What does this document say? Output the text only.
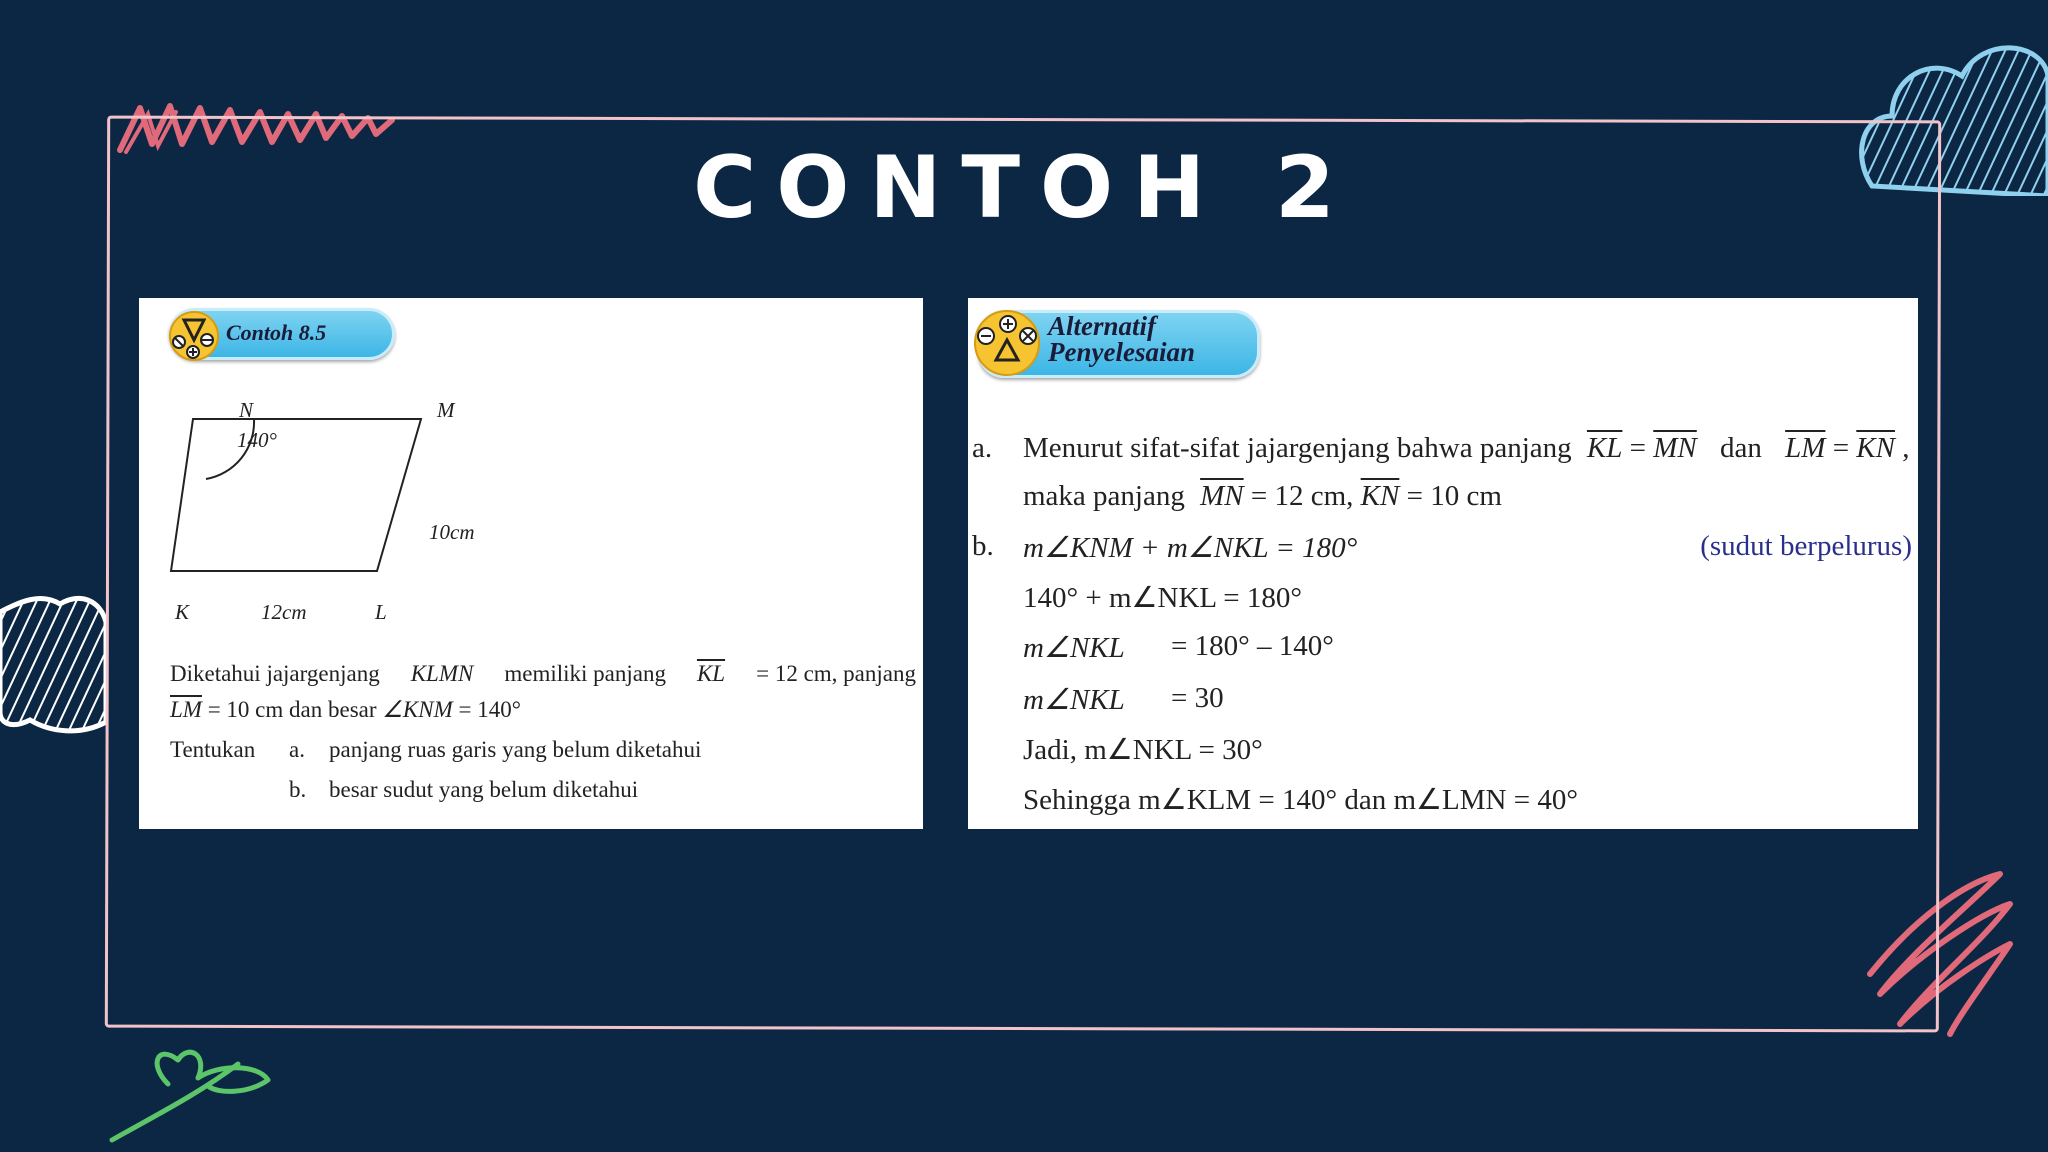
CONTOH 2
Contoh 8.5
N	M
K	L
140°
10cm
12cm
Diketahui jajargenjang KLMN memiliki panjang $\overline{KL} = 12$ cm, panjang
$\overline{LM} = 10$ cm dan besar ∠KNM = 140°
Tentukan a. panjang ruas garis yang belum diketahui
b. besar sudut yang belum diketahui
Alternatif
Penyelesaian
a. Menurut sifat-sifat jajargenjang bahwa panjang $\overline{KL} = \overline{MN}$ dan $\overline{LM} = \overline{KN}$ ,
maka panjang $\overline{MN} = 12$ cm, $\overline{KN} = 10$ cm
b. m∠KNM + m∠NKL = 180°	(sudut berpelurus)
140° + m∠NKL = 180°
m∠NKL = 180° – 140°
m∠NKL = 30
Jadi, m∠NKL = 30°
Sehingga m∠KLM = 140° dan m∠LMN = 40°
